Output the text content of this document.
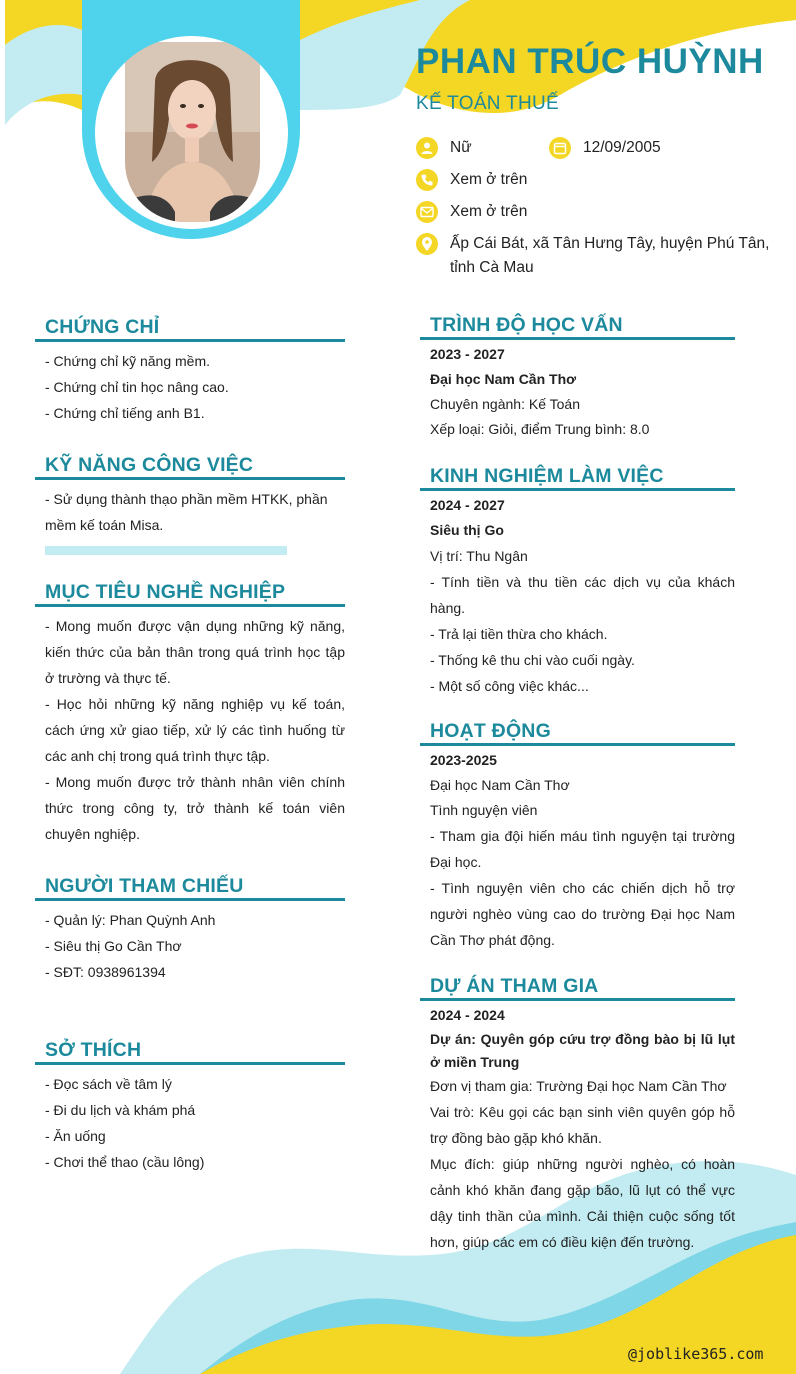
PHAN TRÚC HUỲNH
KẾ TOÁN THUẾ
Nữ	12/09/2005
Xem ở trên
Xem ở trên
Ấp Cái Bát, xã Tân Hưng Tây, huyện Phú Tân,
tỉnh Cà Mau
CHỨNG CHỈ

- Chứng chỉ kỹ năng mềm.

- Chứng chỉ tin học nâng cao.

- Chứng chỉ tiếng anh B1.

KỸ NĂNG CÔNG VIỆC

- Sử dụng thành thạo phần mềm HTKK, phần mềm kế toán Misa.

MỤC TIÊU NGHỀ NGHIỆP

- Mong muốn được vận dụng những kỹ năng, kiến thức của bản thân trong quá trình học tập ở trường và thực tế.

- Học hỏi những kỹ năng nghiệp vụ kế toán, cách ứng xử giao tiếp, xử lý các tình huống từ các anh chị trong quá trình thực tập.

- Mong muốn được trở thành nhân viên chính thức trong công ty, trở thành kế toán viên chuyên nghiệp.

NGƯỜI THAM CHIẾU

- Quản lý: Phan Quỳnh Anh

- Siêu thị Go Cần Thơ

- SĐT: 0938961394

SỞ THÍCH

- Đọc sách về tâm lý

- Đi du lịch và khám phá

- Ăn uống

- Chơi thể thao (cầu lông)

TRÌNH ĐỘ HỌC VẤN

2023 - 2027

Đại học Nam Cần Thơ

Chuyên ngành: Kế Toán

Xếp loại: Giỏi, điểm Trung bình: 8.0

KINH NGHIỆM LÀM VIỆC

2024 - 2027

Siêu thị Go

Vị trí: Thu Ngân

- Tính tiền và thu tiền các dịch vụ của khách hàng.

- Trả lại tiền thừa cho khách.

- Thống kê thu chi vào cuối ngày.

- Một số công việc khác...

HOẠT ĐỘNG

2023-2025

Đại học Nam Cần Thơ

Tình nguyện viên

- Tham gia đội hiến máu tình nguyện tại trường Đại học.

- Tình nguyện viên cho các chiến dịch hỗ trợ người nghèo vùng cao do trường Đại học Nam Cần Thơ phát động.

DỰ ÁN THAM GIA

2024 - 2024

Dự án: Quyên góp cứu trợ đồng bào bị lũ lụt ở miền Trung

Đơn vị tham gia: Trường Đại học Nam Cần Thơ

Vai trò: Kêu gọi các bạn sinh viên quyên góp hỗ trợ đồng bào gặp khó khăn.

Mục đích: giúp những người nghèo, có hoàn cảnh khó khăn đang gặp bão, lũ lụt có thể vực dậy tinh thần của mình. Cải thiện cuộc sống tốt hơn, giúp các em có điều kiện đến trường.

@joblike365.com
